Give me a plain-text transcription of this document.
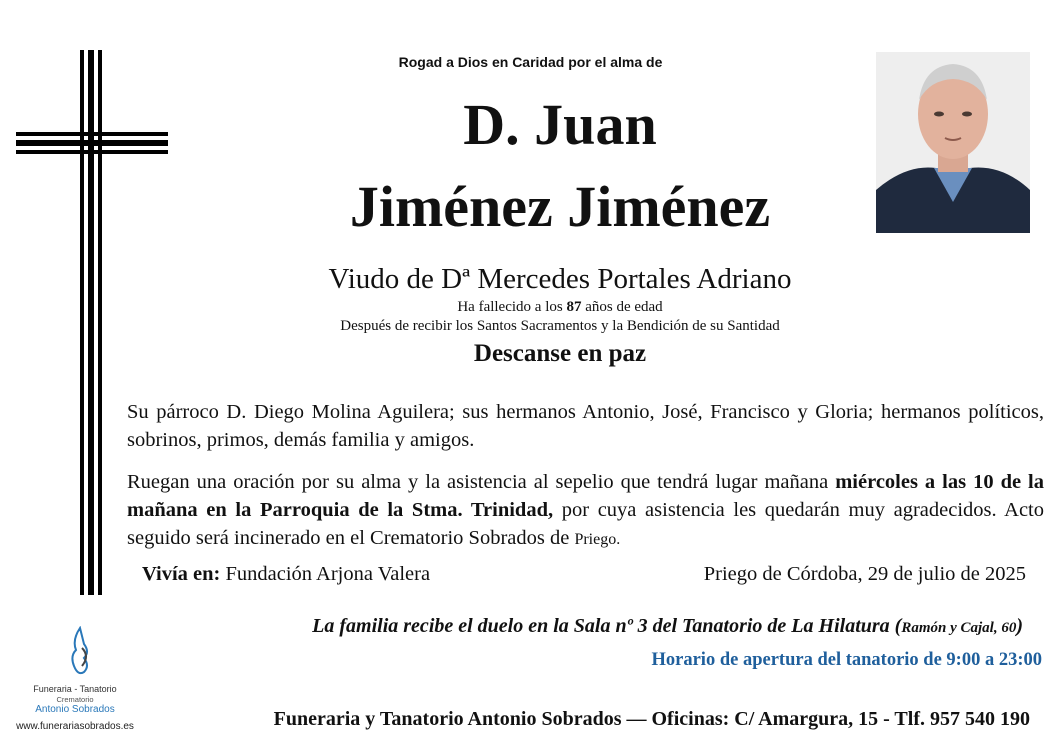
Rogad a Dios en Caridad por el alma de
D. Juan
Jiménez Jiménez
Viudo de Dª Mercedes Portales Adriano
Ha fallecido a los 87 años de edad
Después de recibir los Santos Sacramentos y la Bendición de su Santidad
Descanse en paz
Su párroco D. Diego Molina Aguilera; sus hermanos Antonio, José, Francisco y Gloria; hermanos políticos, sobrinos, primos, demás familia y amigos.
Ruegan una oración por su alma y la asistencia al sepelio que tendrá lugar mañana miércoles a las 10 de la mañana en la Parroquia de la Stma. Trinidad, por cuya asistencia les quedarán muy agradecidos. Acto seguido será incinerado en el Crematorio Sobrados de Priego.
Vivía en: Fundación Arjona Valera	Priego de Córdoba, 29 de julio de 2025
La familia recibe el duelo en la Sala nº 3 del Tanatorio de La Hilatura (Ramón y Cajal, 60)
Horario de apertura del tanatorio de 9:00 a 23:00
Funeraria y Tanatorio Antonio Sobrados — Oficinas: C/ Amargura, 15 - Tlf. 957 540 190
Funeraria - Tanatorio
Crematorio
Antonio Sobrados
www.funerariasobrados.es
